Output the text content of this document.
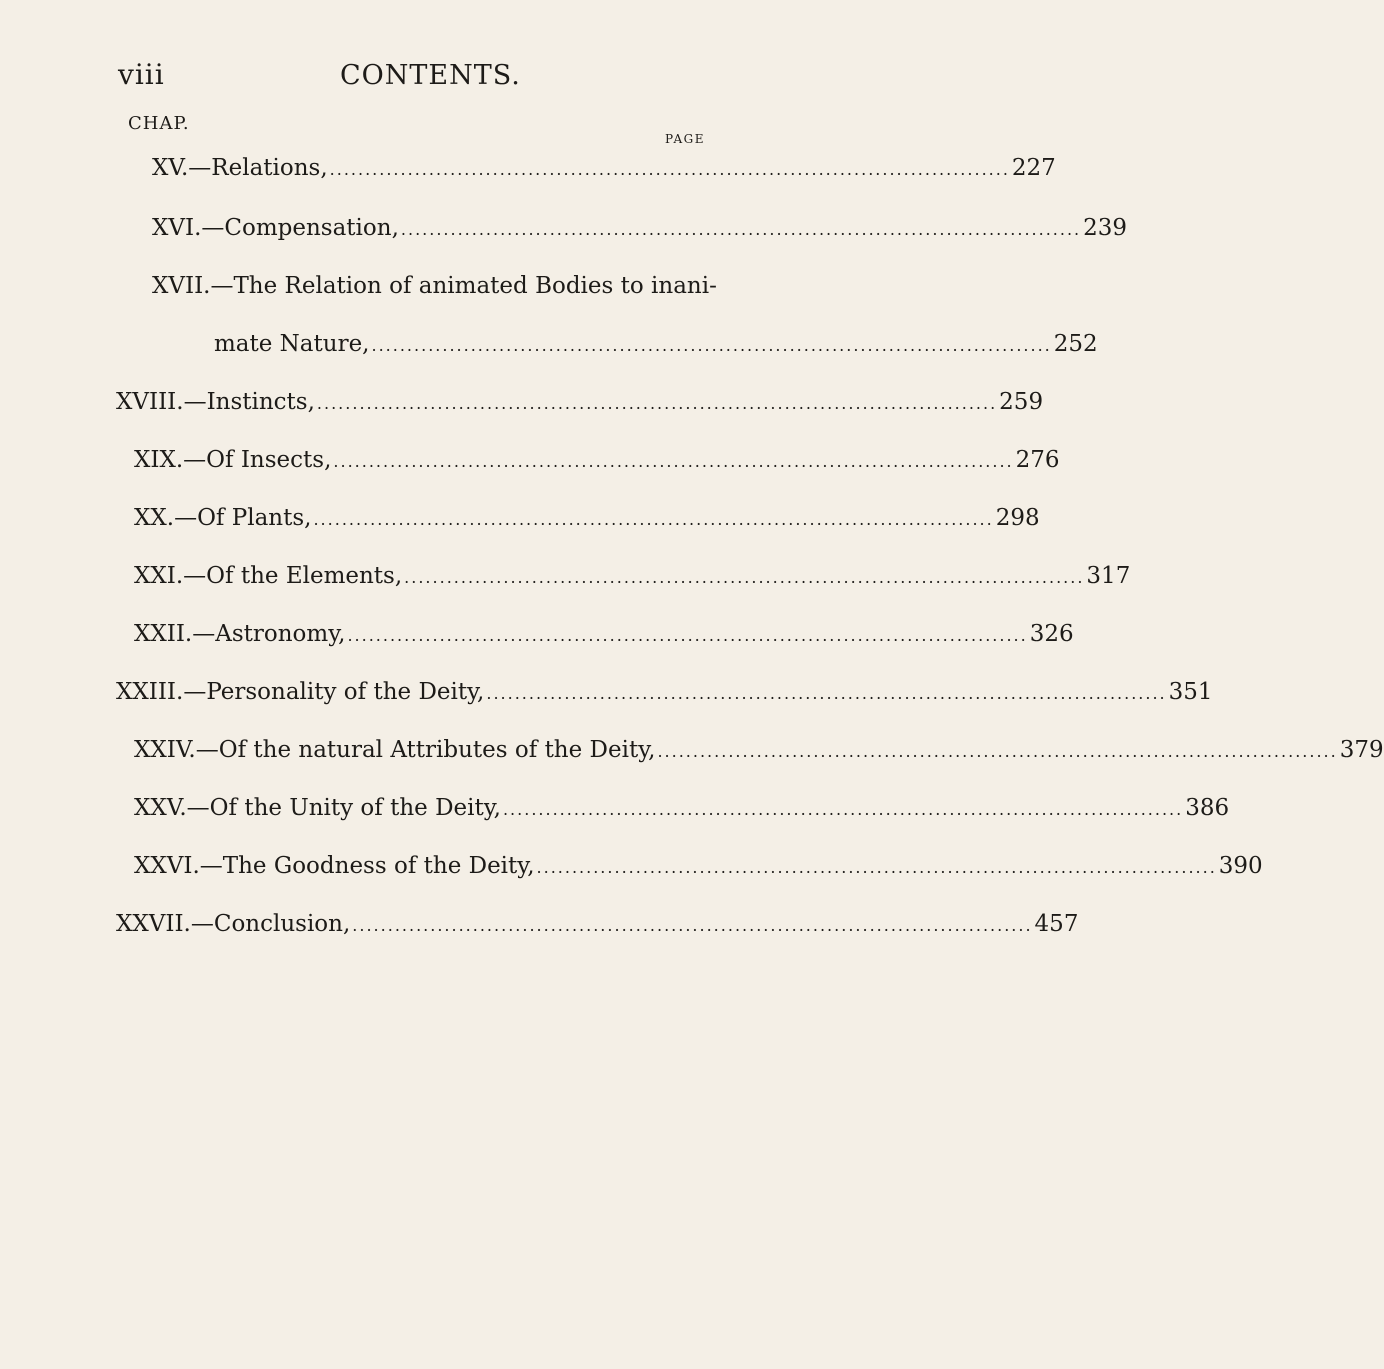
viii	CONTENTS.
CHAP.
PAGE
XV. —Relations, ................................................................................................ 227
XVI. —Compensation, ................................................................................................ 239
XVII. —The Relation of animated Bodies to inani-
mate Nature, ................................................................................................ 252
XVIII. —Instincts, ................................................................................................ 259
XIX. —Of Insects, ................................................................................................ 276
XX. —Of Plants, ................................................................................................ 298
XXI. —Of the Elements, ................................................................................................ 317
XXII. —Astronomy, ................................................................................................ 326
XXIII. —Personality of the Deity, ................................................................................................ 351
XXIV. —Of the natural Attributes of the Deity, ................................................................................................ 379
XXV. —Of the Unity of the Deity, ................................................................................................ 386
XXVI. —The Goodness of the Deity, ................................................................................................ 390
XXVII. —Conclusion, ................................................................................................ 457
